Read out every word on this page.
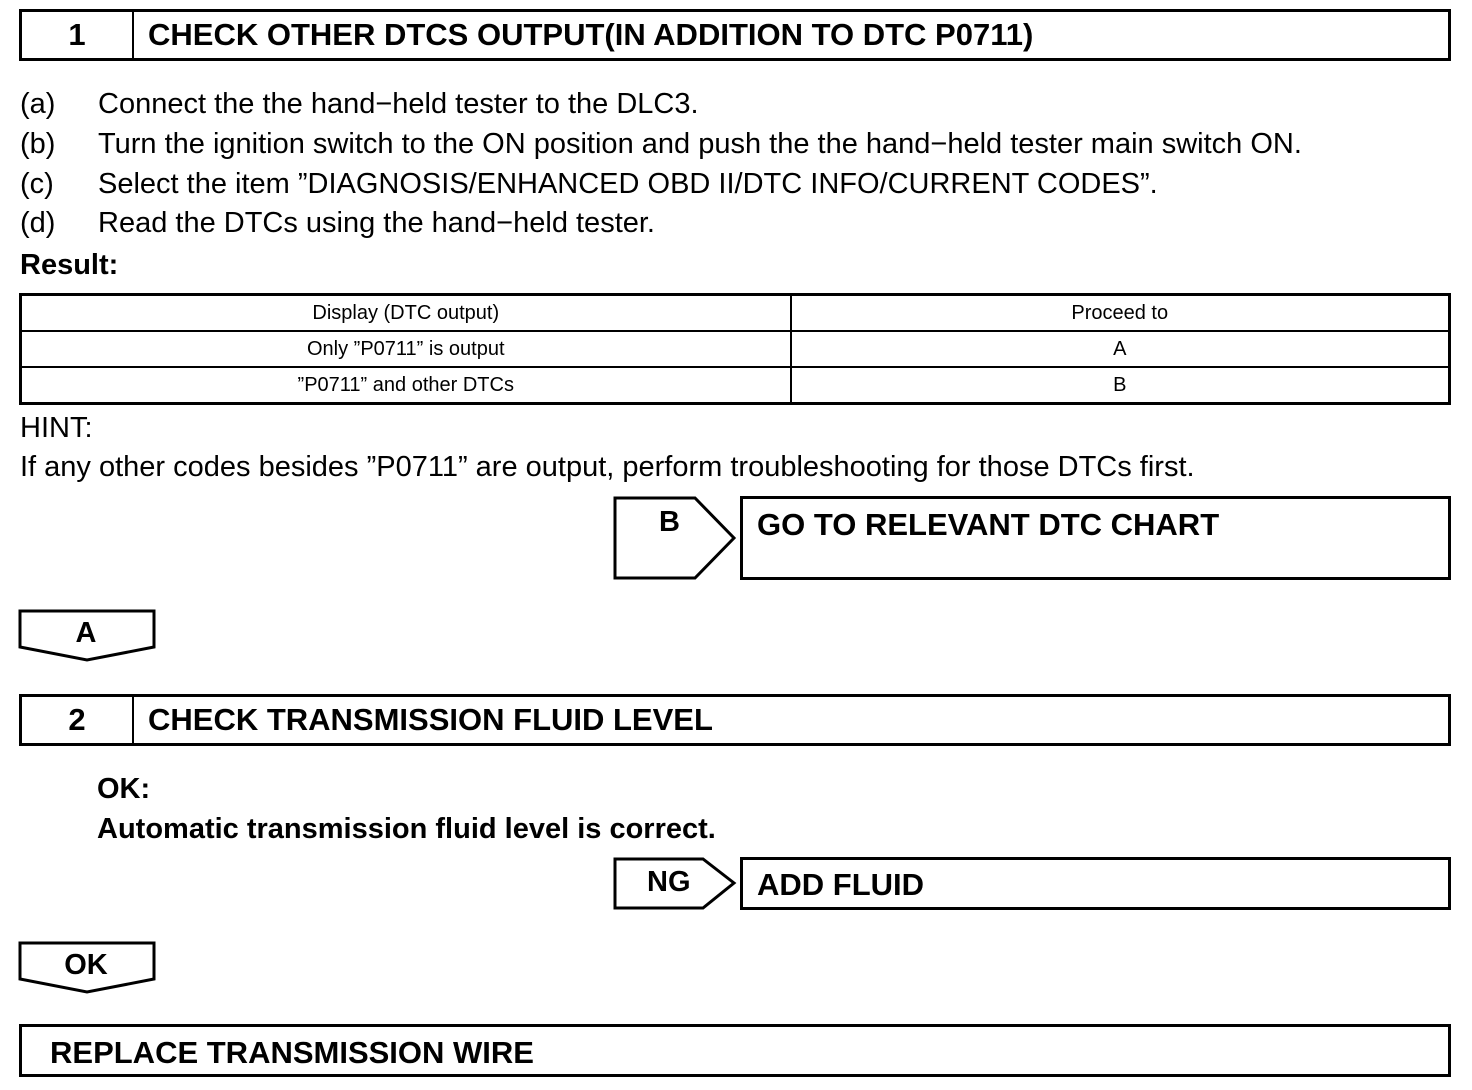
1	CHECK OTHER DTCS OUTPUT(IN ADDITION TO DTC P0711)
(a) Connect the the hand−held tester to the DLC3.
(b) Turn the ignition switch to the ON position and push the the hand−held tester main switch ON.
(c) Select the item ”DIAGNOSIS/ENHANCED OBD II/DTC INFO/CURRENT CODES”.
(d) Read the DTCs using the hand−held tester.
Result:
Display (DTC output)	Proceed to
Only ”P0711” is output	A
”P0711” and other DTCs	B
HINT:
If any other codes besides ”P0711” are output, perform troubleshooting for those DTCs first.
B GO TO RELEVANT DTC CHART
A
2	CHECK TRANSMISSION FLUID LEVEL
OK:
Automatic transmission fluid level is correct.
NG ADD FLUID
OK
REPLACE TRANSMISSION WIRE
